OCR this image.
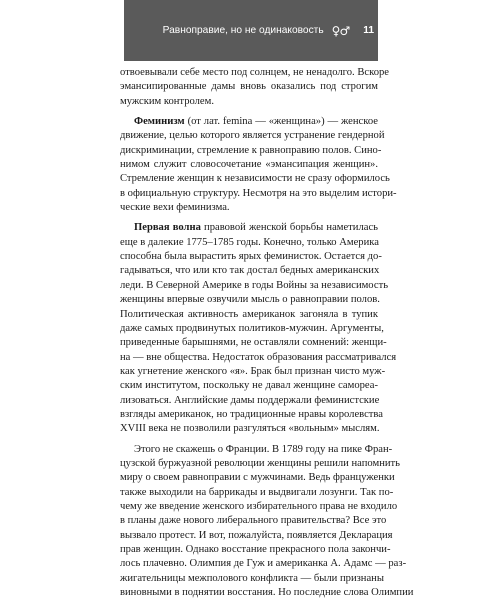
Равноправие, но не одинаковость ♀♂ 11
отвоевывали себе место под солнцем, не ненадолго. Вскоре
эмансипированные дамы вновь оказались под строгим
мужским контролем.
Феминизм (от лат. femina — «женщина») — женское
движение, целью которого является устранение гендерной
дискриминации, стремление к равноправию полов. Сино-
нимом служит словосочетание «эмансипация женщин».
Стремление женщин к независимости не сразу оформилось
в официальную структуру. Несмотря на это выделим истори-
ческие вехи феминизма.
Первая волна правовой женской борьбы наметилась
еще в далекие 1775–1785 годы. Конечно, только Америка
способна была вырастить ярых феминисток. Остается до-
гадываться, что или кто так достал бедных американских
леди. В Северной Америке в годы Войны за независимость
женщины впервые озвучили мысль о равноправии полов.
Политическая активность американок загоняла в тупик
даже самых продвинутых политиков-мужчин. Аргументы,
приведенные барышнями, не оставляли сомнений: женщи-
на — вне общества. Недостаток образования рассматривался
как угнетение женского «я». Брак был признан чисто муж-
ским институтом, поскольку не давал женщине самореа-
лизоваться. Английские дамы поддержали феминистские
взгляды американок, но традиционные нравы королевства
XVIII века не позволили разгуляться «вольным» мыслям.
Этого не скажешь о Франции. В 1789 году на пике Фран-
цузской буржуазной революции женщины решили напомнить
миру о своем равноправии с мужчинами. Ведь француженки
также выходили на баррикады и выдвигали лозунги. Так по-
чему же введение женского избирательного права не входило
в планы даже нового либерального правительства? Все это
вызвало протест. И вот, пожалуйста, появляется Декларация
прав женщин. Однако восстание прекрасного пола закончи-
лось плачевно. Олимпия де Гуж и американка А. Адамс — раз-
жигательницы межполового конфликта — были признаны
виновными в поднятии восстания. Но последние слова Олимпии
